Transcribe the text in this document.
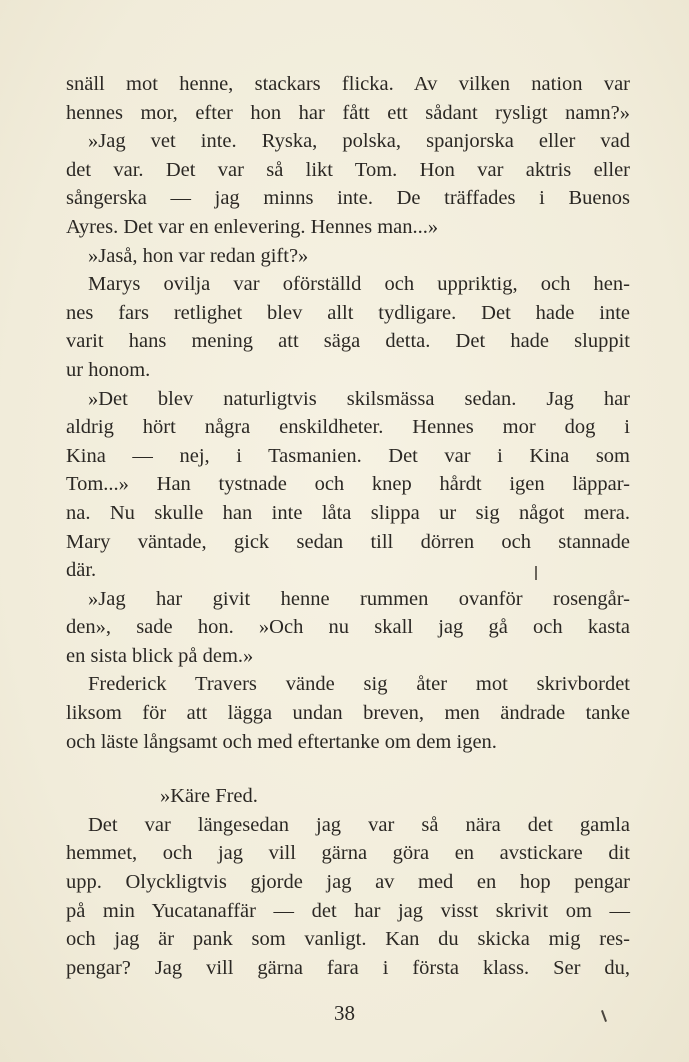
snäll mot henne, stackars flicka. Av vilken nation var
hennes mor, efter hon har fått ett sådant rysligt namn?»
»Jag vet inte. Ryska, polska, spanjorska eller vad
det var. Det var så likt Tom. Hon var aktris eller
sångerska — jag minns inte. De träffades i Buenos
Ayres. Det var en enlevering. Hennes man...»
»Jaså, hon var redan gift?»
Marys ovilja var oförställd och uppriktig, och hen-
nes fars retlighet blev allt tydligare. Det hade inte
varit hans mening att säga detta. Det hade sluppit
ur honom.
»Det blev naturligtvis skilsmässa sedan. Jag har
aldrig hört några enskildheter. Hennes mor dog i
Kina — nej, i Tasmanien. Det var i Kina som
Tom...» Han tystnade och knep hårdt igen läppar-
na. Nu skulle han inte låta slippa ur sig något mera.
Mary väntade, gick sedan till dörren och stannade
där.
»Jag har givit henne rummen ovanför rosengår-
den», sade hon. »Och nu skall jag gå och kasta
en sista blick på dem.»
Frederick Travers vände sig åter mot skrivbordet
liksom för att lägga undan breven, men ändrade tanke
och läste långsamt och med eftertanke om dem igen.
»Käre Fred.
Det var längesedan jag var så nära det gamla
hemmet, och jag vill gärna göra en avstickare dit
upp. Olyckligtvis gjorde jag av med en hop pengar
på min Yucatanaffär — det har jag visst skrivit om —
och jag är pank som vanligt. Kan du skicka mig res-
pengar? Jag vill gärna fara i första klass. Ser du,
38
